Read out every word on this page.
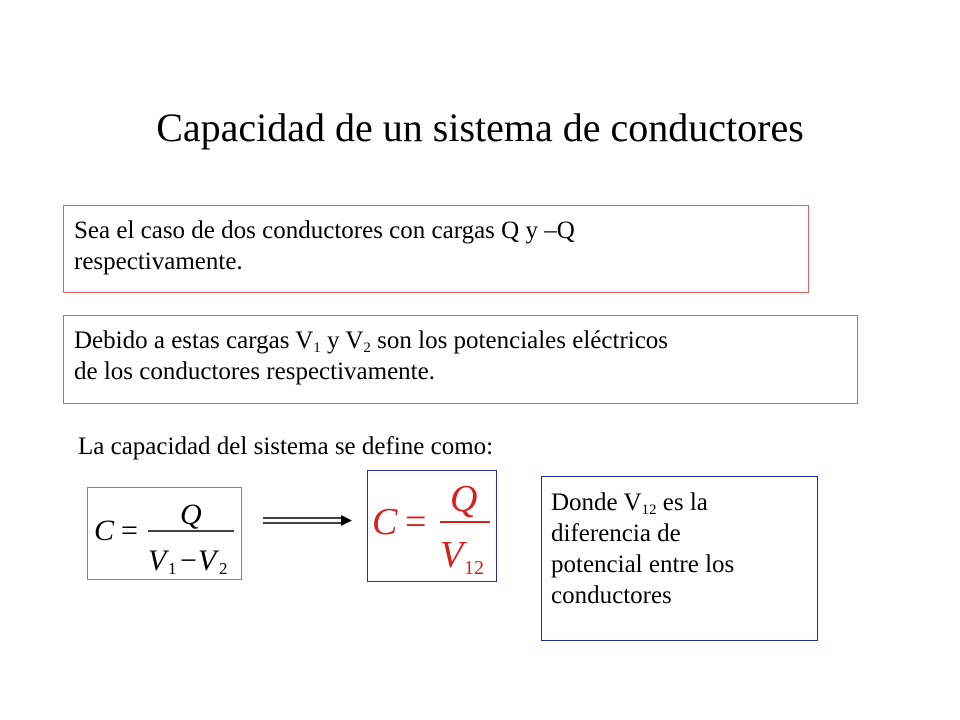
Capacidad de un sistema de conductores
Sea el caso de dos conductores con cargas Q y –Q
respectivamente.
Debido a estas cargas $V_1$ y $V_2$ son los potenciales eléctricos
de los conductores respectivamente.
La capacidad del sistema se define como:
C = Q
V 1 − V 2
C =
Q
V 12
Donde $V_{12}$ es la
diferencia de
potencial entre los
conductores
